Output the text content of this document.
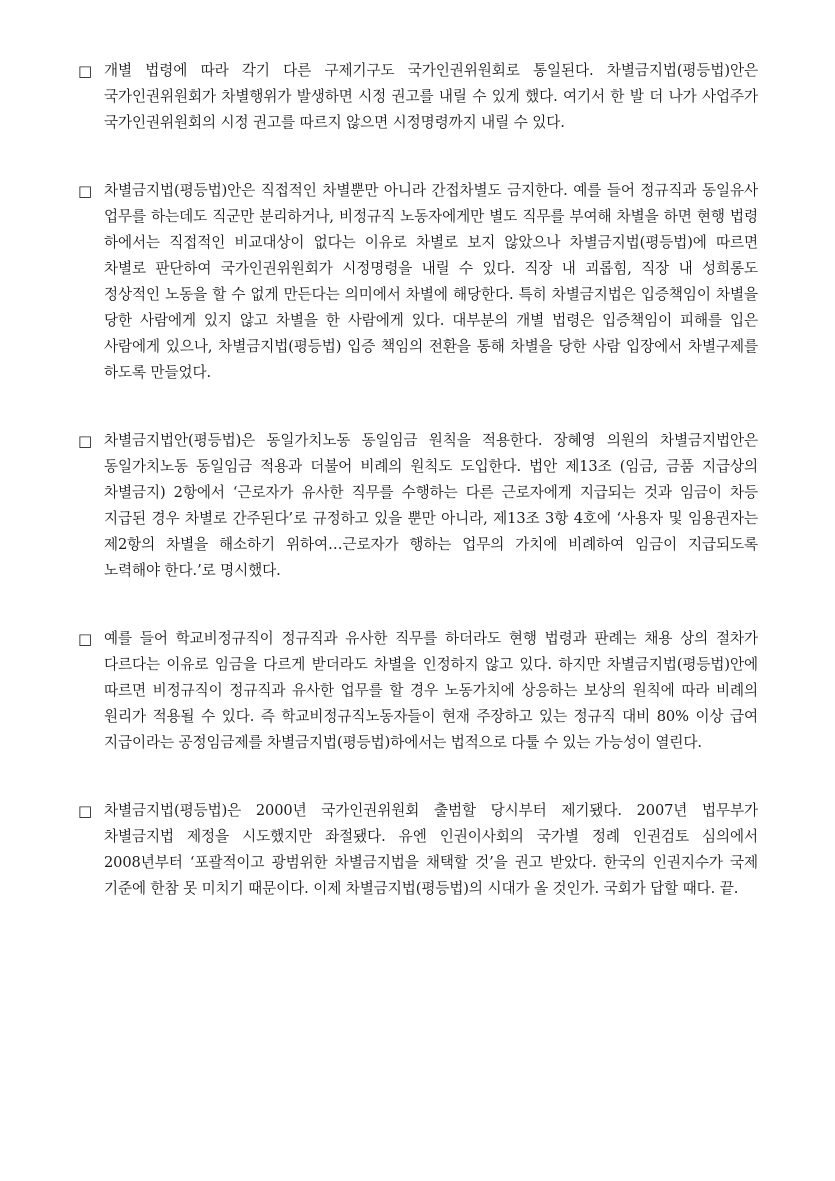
□ 개별 법령에 따라 각기 다른 구제기구도 국가인권위원회로 통일된다. 차별금지법(평등법)안은 국가인권위원회가 차별행위가 발생하면 시정 권고를 내릴 수 있게 했다. 여기서 한 발 더 나가 사업주가 국가인권위원회의 시정 권고를 따르지 않으면 시정명령까지 내릴 수 있다.
□ 차별금지법(평등법)안은 직접적인 차별뿐만 아니라 간접차별도 금지한다. 예를 들어 정규직과 동일유사 업무를 하는데도 직군만 분리하거나, 비정규직 노동자에게만 별도 직무를 부여해 차별을 하면 현행 법령 하에서는 직접적인 비교대상이 없다는 이유로 차별로 보지 않았으나 차별금지법(평등법)에 따르면 차별로 판단하여 국가인권위원회가 시정명령을 내릴 수 있다. 직장 내 괴롭힘, 직장 내 성희롱도 정상적인 노동을 할 수 없게 만든다는 의미에서 차별에 해당한다. 특히 차별금지법은 입증책임이 차별을 당한 사람에게 있지 않고 차별을 한 사람에게 있다. 대부분의 개별 법령은 입증책임이 피해를 입은 사람에게 있으나, 차별금지법(평등법) 입증 책임의 전환을 통해 차별을 당한 사람 입장에서 차별구제를 하도록 만들었다.
□ 차별금지법안(평등법)은 동일가치노동 동일임금 원칙을 적용한다. 장혜영 의원의 차별금지법안은 동일가치노동 동일임금 적용과 더불어 비례의 원칙도 도입한다. 법안 제13조 (임금, 금품 지급상의 차별금지) 2항에서 ‘근로자가 유사한 직무를 수행하는 다른 근로자에게 지급되는 것과 임금이 차등 지급된 경우 차별로 간주된다’로 규정하고 있을 뿐만 아니라, 제13조 3항 4호에 ‘사용자 및 임용권자는 제2항의 차별을 해소하기 위하여…근로자가 행하는 업무의 가치에 비례하여 임금이 지급되도록 노력해야 한다.’로 명시했다.
□ 예를 들어 학교비정규직이 정규직과 유사한 직무를 하더라도 현행 법령과 판례는 채용 상의 절차가 다르다는 이유로 임금을 다르게 받더라도 차별을 인정하지 않고 있다. 하지만 차별금지법(평등법)안에 따르면 비정규직이 정규직과 유사한 업무를 할 경우 노동가치에 상응하는 보상의 원칙에 따라 비례의 원리가 적용될 수 있다. 즉 학교비정규직노동자들이 현재 주장하고 있는 정규직 대비 80% 이상 급여 지급이라는 공정임금제를 차별금지법(평등법)하에서는 법적으로 다툴 수 있는 가능성이 열린다.
□ 차별금지법(평등법)은 2000년 국가인권위원회 출범할 당시부터 제기됐다. 2007년 법무부가 차별금지법 제정을 시도했지만 좌절됐다. 유엔 인권이사회의 국가별 정례 인권검토 심의에서 2008년부터 ‘포괄적이고 광범위한 차별금지법을 채택할 것’을 권고 받았다. 한국의 인권지수가 국제 기준에 한참 못 미치기 때문이다. 이제 차별금지법(평등법)의 시대가 올 것인가. 국회가 답할 때다. 끝.
